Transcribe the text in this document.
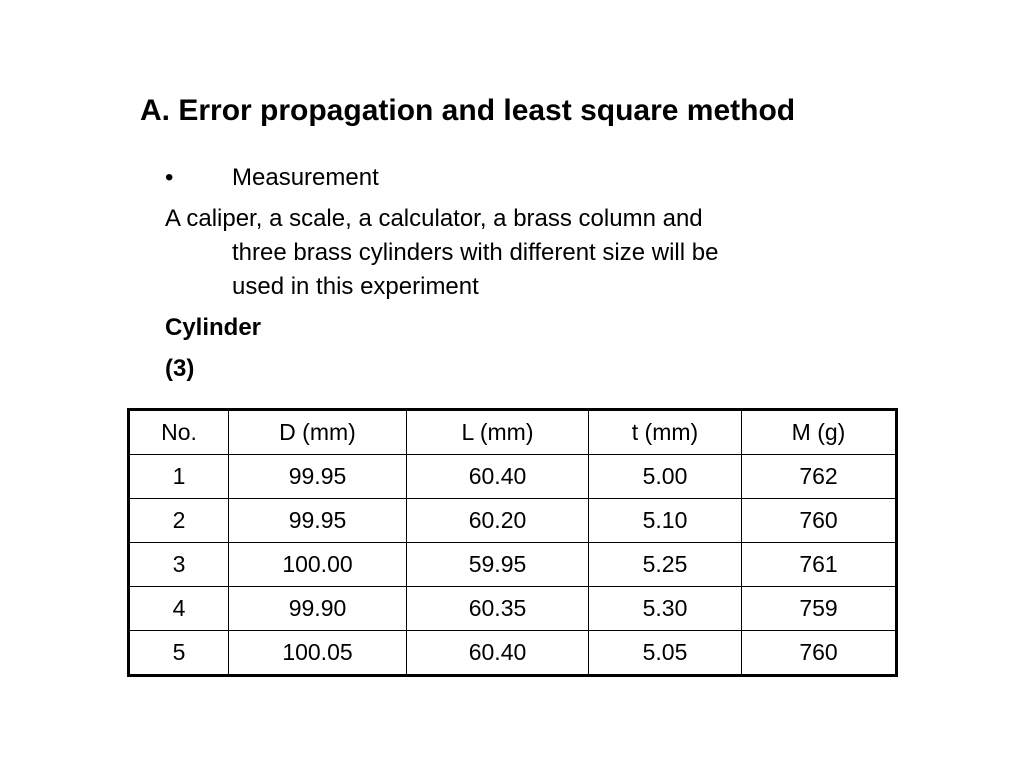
A. Error propagation and least square method
• Measurement
A caliper, a scale, a calculator, a brass column and
three brass cylinders with different size will be
used in this experiment
Cylinder
(3)
No.	D (mm)	L (mm)	t (mm)	M (g)
1	99.95	60.40	5.00	762
2	99.95	60.20	5.10	760
3	100.00	59.95	5.25	761
4	99.90	60.35	5.30	759
5	100.05	60.40	5.05	760
